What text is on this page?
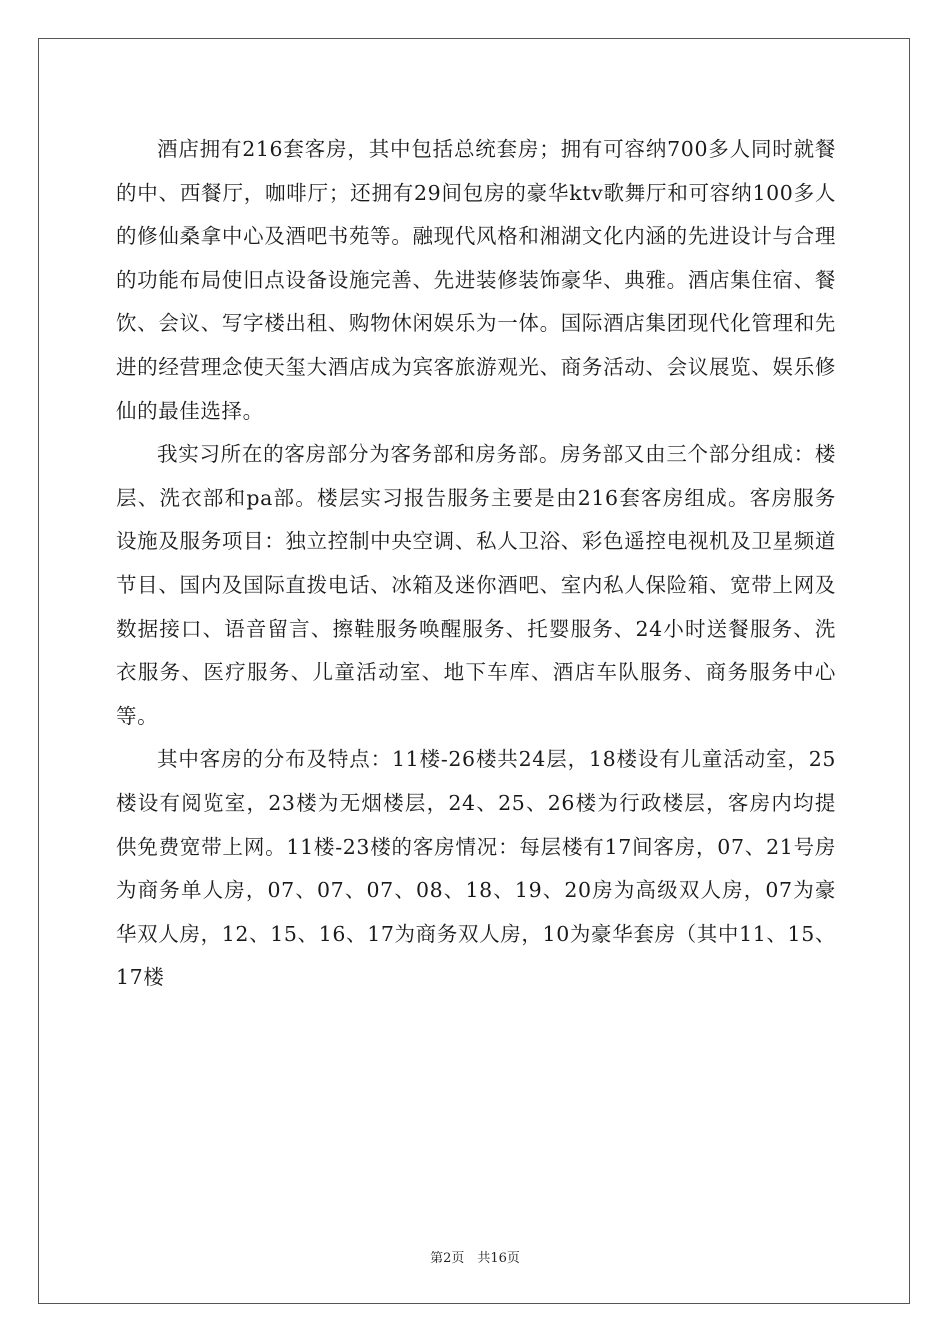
酒店拥有216套客房，其中包括总统套房；拥有可容纳700多人同时就餐的中、西餐厅，咖啡厅；还拥有29间包房的豪华ktv歌舞厅和可容纳100多人的修仙桑拿中心及酒吧书苑等。融现代风格和湘湖文化内涵的先进设计与合理的功能布局使旧点设备设施完善、先进装修装饰豪华、典雅。酒店集住宿、餐饮、会议、写字楼出租、购物休闲娱乐为一体。国际酒店集团现代化管理和先进的经营理念使天玺大酒店成为宾客旅游观光、商务活动、会议展览、娱乐修仙的最佳选择。

我实习所在的客房部分为客务部和房务部。房务部又由三个部分组成：楼层、洗衣部和pa部。楼层实习报告服务主要是由216套客房组成。客房服务设施及服务项目：独立控制中央空调、私人卫浴、彩色遥控电视机及卫星频道节目、国内及国际直拨电话、冰箱及迷你酒吧、室内私人保险箱、宽带上网及数据接口、语音留言、擦鞋服务唤醒服务、托婴服务、24小时送餐服务、洗衣服务、医疗服务、儿童活动室、地下车库、酒店车队服务、商务服务中心等。

其中客房的分布及特点：11楼-26楼共24层，18楼设有儿童活动室，25楼设有阅览室，23楼为无烟楼层，24、25、26楼为行政楼层，客房内均提供免费宽带上网。11楼-23楼的客房情况：每层楼有17间客房，07、21号房为商务单人房，07、07、07、08、18、19、20房为高级双人房，07为豪华双人房，12、15、16、17为商务双人房，10为豪华套房（其中11、15、17楼

第2页　共16页
